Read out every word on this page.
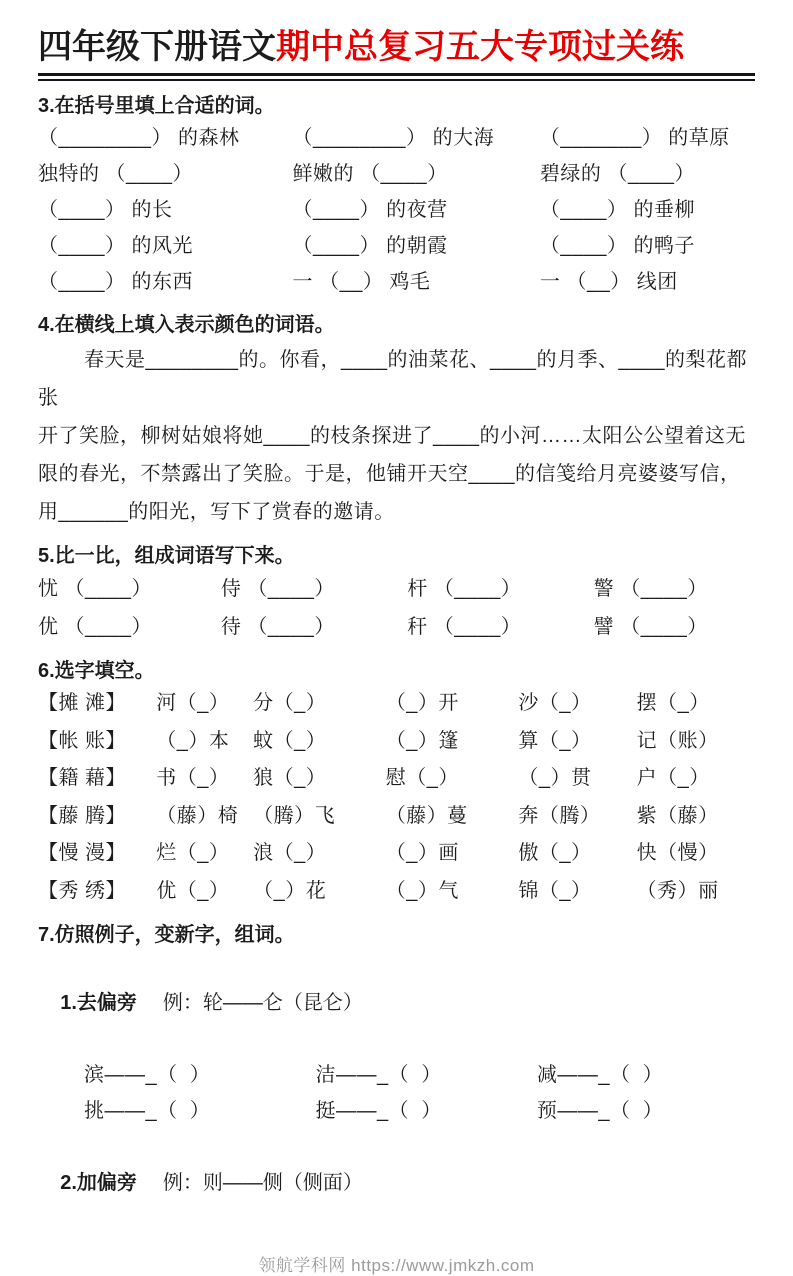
四年级下册语文期中总复习五大专项过关练
3.在括号里填上合适的词。
（________） 的森林	（________） 的大海	（_______） 的草原
独特的 （____）	鲜嫩的 （____）	碧绿的 （____）
（____） 的长	（____） 的夜营	（____） 的垂柳
（____） 的风光	（____） 的朝霞	（____） 的鸭子
（____） 的东西	一 （__） 鸡毛	一 （__） 线团
4.在横线上填入表示颜色的词语。
春天是________的。你看，____的油菜花、____的月季、____的梨花都张
开了笑脸，柳树姑娘将她____的枝条探进了____的小河……太阳公公望着这无
限的春光，不禁露出了笑脸。于是，他铺开天空____的信笺给月亮婆婆写信，
用______的阳光，写下了赏春的邀请。
5.比一比，组成词语写下来。
忧 （____）	侍 （____）	杆 （____）	警 （____）
优 （____）	待 （____）	秆 （____）	譬 （____）
6.选字填空。
【摊 滩】	河（_）	分（_）	（_）开	沙（_）	摆（_）
【帐 账】	（_）本	蚊（_）	（_）篷	算（_）	记（账）
【籍 藉】	书（_）	狼（_）	慰（_）	（_）贯	户（_）
【藤 腾】	（藤）椅 （腾）飞	（藤）蔓	奔（腾）	紫（藤）
【慢 漫】	烂（_）	浪（_）	（_）画	傲（_）	快（慢）
【秀 绣】	优（_）	（_）花	（_）气	锦（_）	（秀）丽
7.仿照例子，变新字，组词。

1.去偏旁 例：轮——仑（昆仑）

滨——_（  ）	洁——_（  ）	减——_（  ）
挑——_（  ）	挺——_（  ）	预——_（  ）

2.加偏旁 例：则——侧（侧面）

领航学科网 https://www.jmkzh.com
